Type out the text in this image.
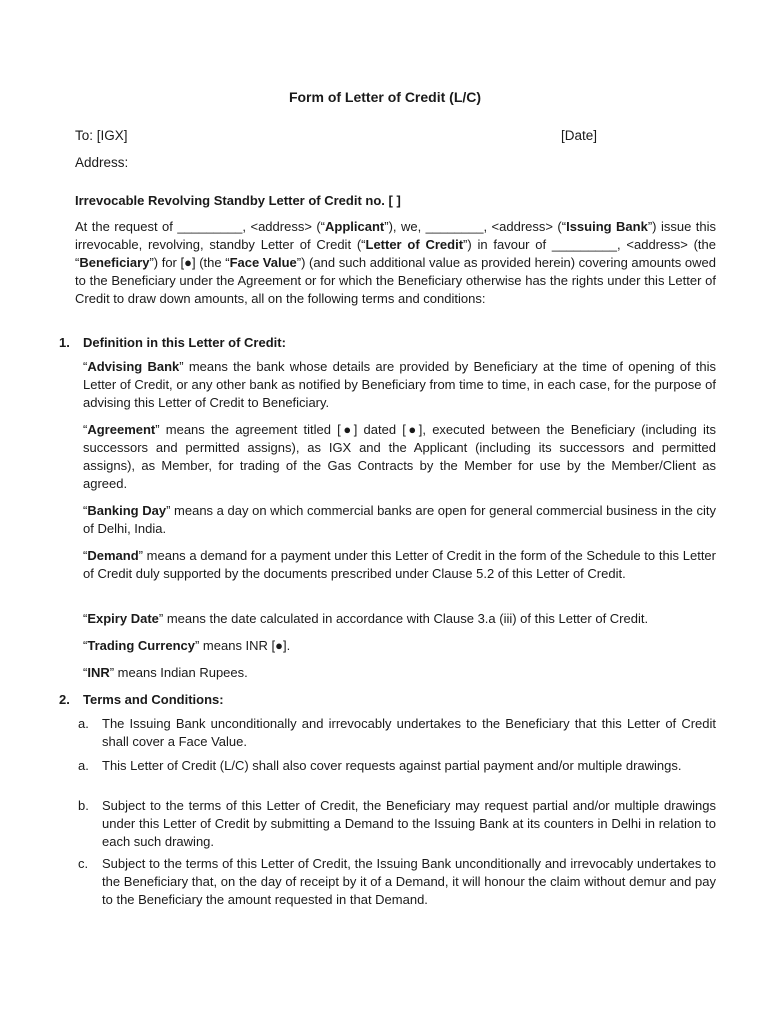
Form of Letter of Credit (L/C)
To: [IGX]	[Date]
Address:
Irrevocable Revolving Standby Letter of Credit no. [ ]
At the request of _________, <address> (“Applicant”), we, ________, <address> (“Issuing Bank”) issue this irrevocable, revolving, standby Letter of Credit (“Letter of Credit”) in favour of _________, <address> (the “Beneficiary”) for [●] (the “Face Value”) (and such additional value as provided herein) covering amounts owed to the Beneficiary under the Agreement or for which the Beneficiary otherwise has the rights under this Letter of Credit to draw down amounts, all on the following terms and conditions:
1. Definition in this Letter of Credit:
“Advising Bank” means the bank whose details are provided by Beneficiary at the time of opening of this Letter of Credit, or any other bank as notified by Beneficiary from time to time, in each case, for the purpose of advising this Letter of Credit to Beneficiary.
“Agreement” means the agreement titled [●] dated [●], executed between the Beneficiary (including its successors and permitted assigns), as IGX and the Applicant (including its successors and permitted assigns), as Member, for trading of the Gas Contracts by the Member for use by the Member/Client as agreed.
“Banking Day” means a day on which commercial banks are open for general commercial business in the city of Delhi, India.
“Demand” means a demand for a payment under this Letter of Credit in the form of the Schedule to this Letter of Credit duly supported by the documents prescribed under Clause 5.2 of this Letter of Credit.
“Expiry Date” means the date calculated in accordance with Clause 3.a (iii) of this Letter of Credit.
“Trading Currency” means INR [●].
“INR” means Indian Rupees.
2. Terms and Conditions:
a. The Issuing Bank unconditionally and irrevocably undertakes to the Beneficiary that this Letter of Credit shall cover a Face Value.
a. This Letter of Credit (L/C) shall also cover requests against partial payment and/or multiple drawings.
b. Subject to the terms of this Letter of Credit, the Beneficiary may request partial and/or multiple drawings under this Letter of Credit by submitting a Demand to the Issuing Bank at its counters in Delhi in relation to each such drawing.
c. Subject to the terms of this Letter of Credit, the Issuing Bank unconditionally and irrevocably undertakes to the Beneficiary that, on the day of receipt by it of a Demand, it will honour the claim without demur and pay to the Beneficiary the amount requested in that Demand.
